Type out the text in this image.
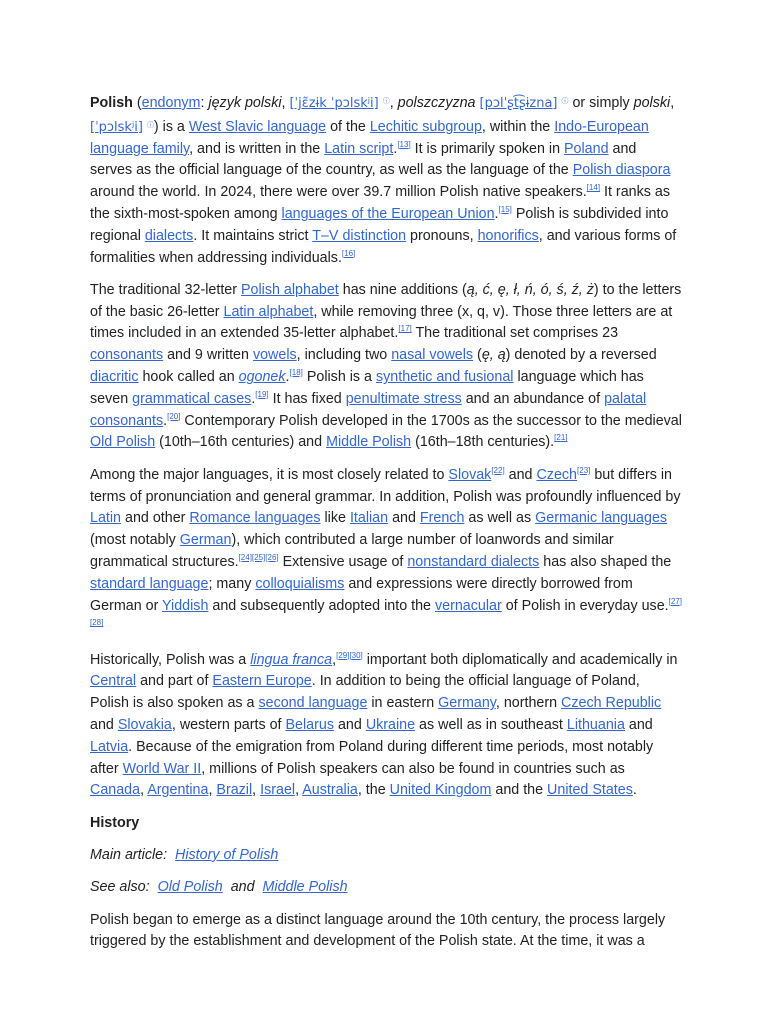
Polish (endonym: język polski, [ˈjɛ̃zɨk ˈpɔlskʲi] ⓘ, polszczyzna [pɔlˈʂt͡ʂɨzna] ⓘ or simply polski, [ˈpɔlskʲi] ⓘ) is a West Slavic language of the Lechitic subgroup, within the Indo-European language family, and is written in the Latin script.[13] It is primarily spoken in Poland and serves as the official language of the country, as well as the language of the Polish diaspora around the world. In 2024, there were over 39.7 million Polish native speakers.[14] It ranks as the sixth-most-spoken among languages of the European Union.[15] Polish is subdivided into regional dialects. It maintains strict T–V distinction pronouns, honorifics, and various forms of formalities when addressing individuals.[16]

The traditional 32-letter Polish alphabet has nine additions (ą, ć, ę, ł, ń, ó, ś, ź, ż) to the letters of the basic 26-letter Latin alphabet, while removing three (x, q, v). Those three letters are at times included in an extended 35-letter alphabet.[17] The traditional set comprises 23 consonants and 9 written vowels, including two nasal vowels (ę, ą) denoted by a reversed diacritic hook called an ogonek.[18] Polish is a synthetic and fusional language which has seven grammatical cases.[19] It has fixed penultimate stress and an abundance of palatal consonants.[20] Contemporary Polish developed in the 1700s as the successor to the medieval Old Polish (10th–16th centuries) and Middle Polish (16th–18th centuries).[21]

Among the major languages, it is most closely related to Slovak[22] and Czech[23] but differs in terms of pronunciation and general grammar. In addition, Polish was profoundly influenced by Latin and other Romance languages like Italian and French as well as Germanic languages (most notably German), which contributed a large number of loanwords and similar grammatical structures.[24][25][26] Extensive usage of nonstandard dialects has also shaped the standard language; many colloquialisms and expressions were directly borrowed from German or Yiddish and subsequently adopted into the vernacular of Polish in everyday use.[27][28]

Historically, Polish was a lingua franca,[29][30] important both diplomatically and academically in Central and part of Eastern Europe. In addition to being the official language of Poland, Polish is also spoken as a second language in eastern Germany, northern Czech Republic and Slovakia, western parts of Belarus and Ukraine as well as in southeast Lithuania and Latvia. Because of the emigration from Poland during different time periods, most notably after World War II, millions of Polish speakers can also be found in countries such as Canada, Argentina, Brazil, Israel, Australia, the United Kingdom and the United States.

History
Main article: History of Polish
See also: Old Polish and Middle Polish

Polish began to emerge as a distinct language around the 10th century, the process largely triggered by the establishment and development of the Polish state. At the time, it was a
